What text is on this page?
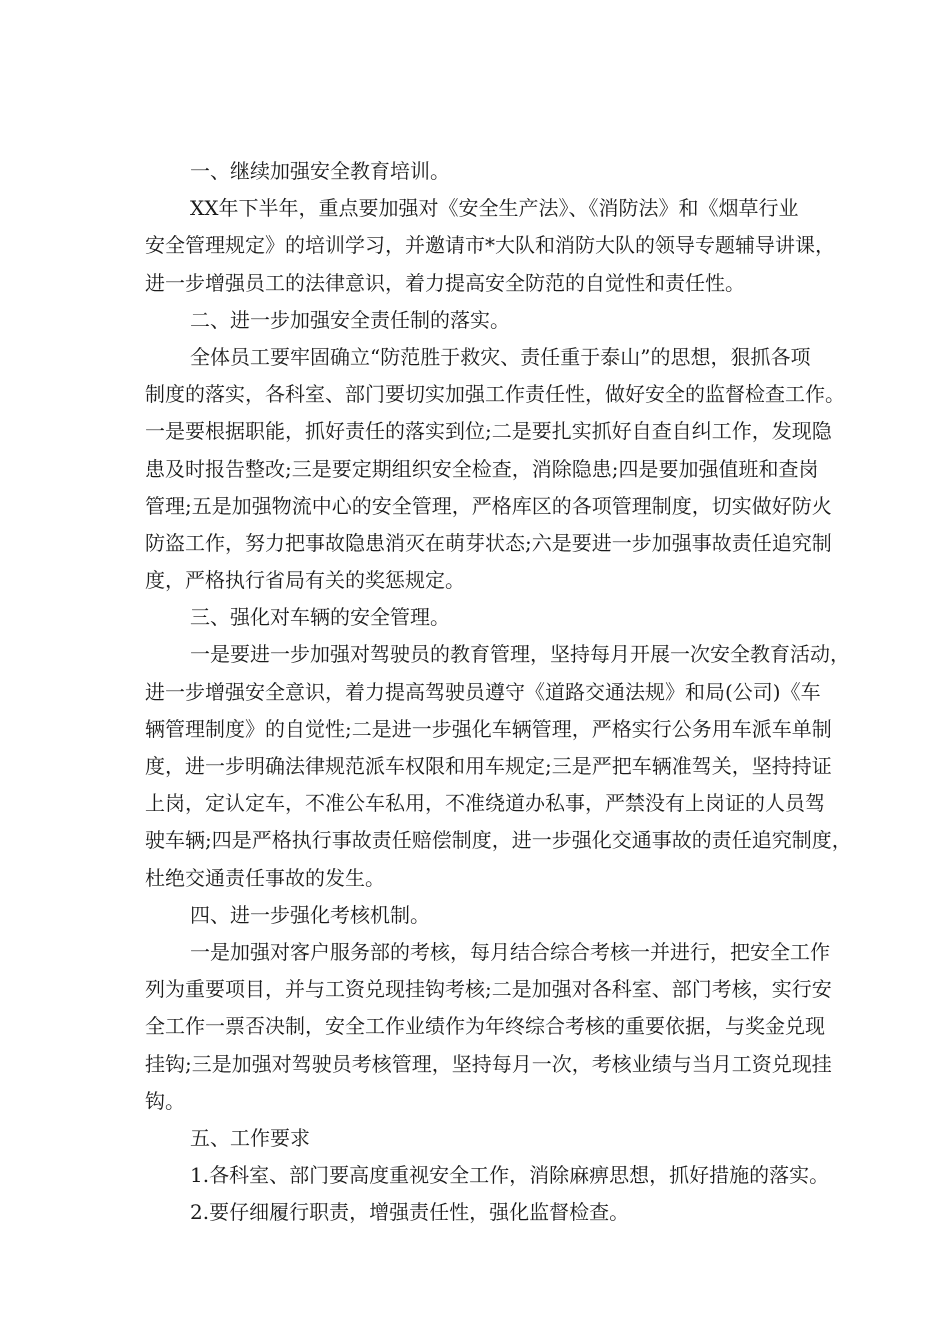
一、继续加强安全教育培训。
XX年下半年，重点要加强对《安全生产法》、《消防法》和《烟草行业
安全管理规定》的培训学习，并邀请市*大队和消防大队的领导专题辅导讲课，
进一步增强员工的法律意识，着力提高安全防范的自觉性和责任性。
二、进一步加强安全责任制的落实。
全体员工要牢固确立“防范胜于救灾、责任重于泰山”的思想，狠抓各项
制度的落实，各科室、部门要切实加强工作责任性，做好安全的监督检查工作。
一是要根据职能，抓好责任的落实到位;二是要扎实抓好自查自纠工作，发现隐
患及时报告整改;三是要定期组织安全检查，消除隐患;四是要加强值班和查岗
管理;五是加强物流中心的安全管理，严格库区的各项管理制度，切实做好防火
防盗工作，努力把事故隐患消灭在萌芽状态;六是要进一步加强事故责任追究制
度，严格执行省局有关的奖惩规定。
三、强化对车辆的安全管理。
一是要进一步加强对驾驶员的教育管理，坚持每月开展一次安全教育活动，
进一步增强安全意识，着力提高驾驶员遵守《道路交通法规》和局(公司)《车
辆管理制度》的自觉性;二是进一步强化车辆管理，严格实行公务用车派车单制
度，进一步明确法律规范派车权限和用车规定;三是严把车辆准驾关，坚持持证
上岗，定认定车，不准公车私用，不准绕道办私事，严禁没有上岗证的人员驾
驶车辆;四是严格执行事故责任赔偿制度，进一步强化交通事故的责任追究制度，
杜绝交通责任事故的发生。
四、进一步强化考核机制。
一是加强对客户服务部的考核，每月结合综合考核一并进行，把安全工作
列为重要项目，并与工资兑现挂钩考核;二是加强对各科室、部门考核，实行安
全工作一票否决制，安全工作业绩作为年终综合考核的重要依据，与奖金兑现
挂钩;三是加强对驾驶员考核管理，坚持每月一次，考核业绩与当月工资兑现挂
钩。
五、工作要求
1.各科室、部门要高度重视安全工作，消除麻痹思想，抓好措施的落实。
2.要仔细履行职责，增强责任性，强化监督检查。
